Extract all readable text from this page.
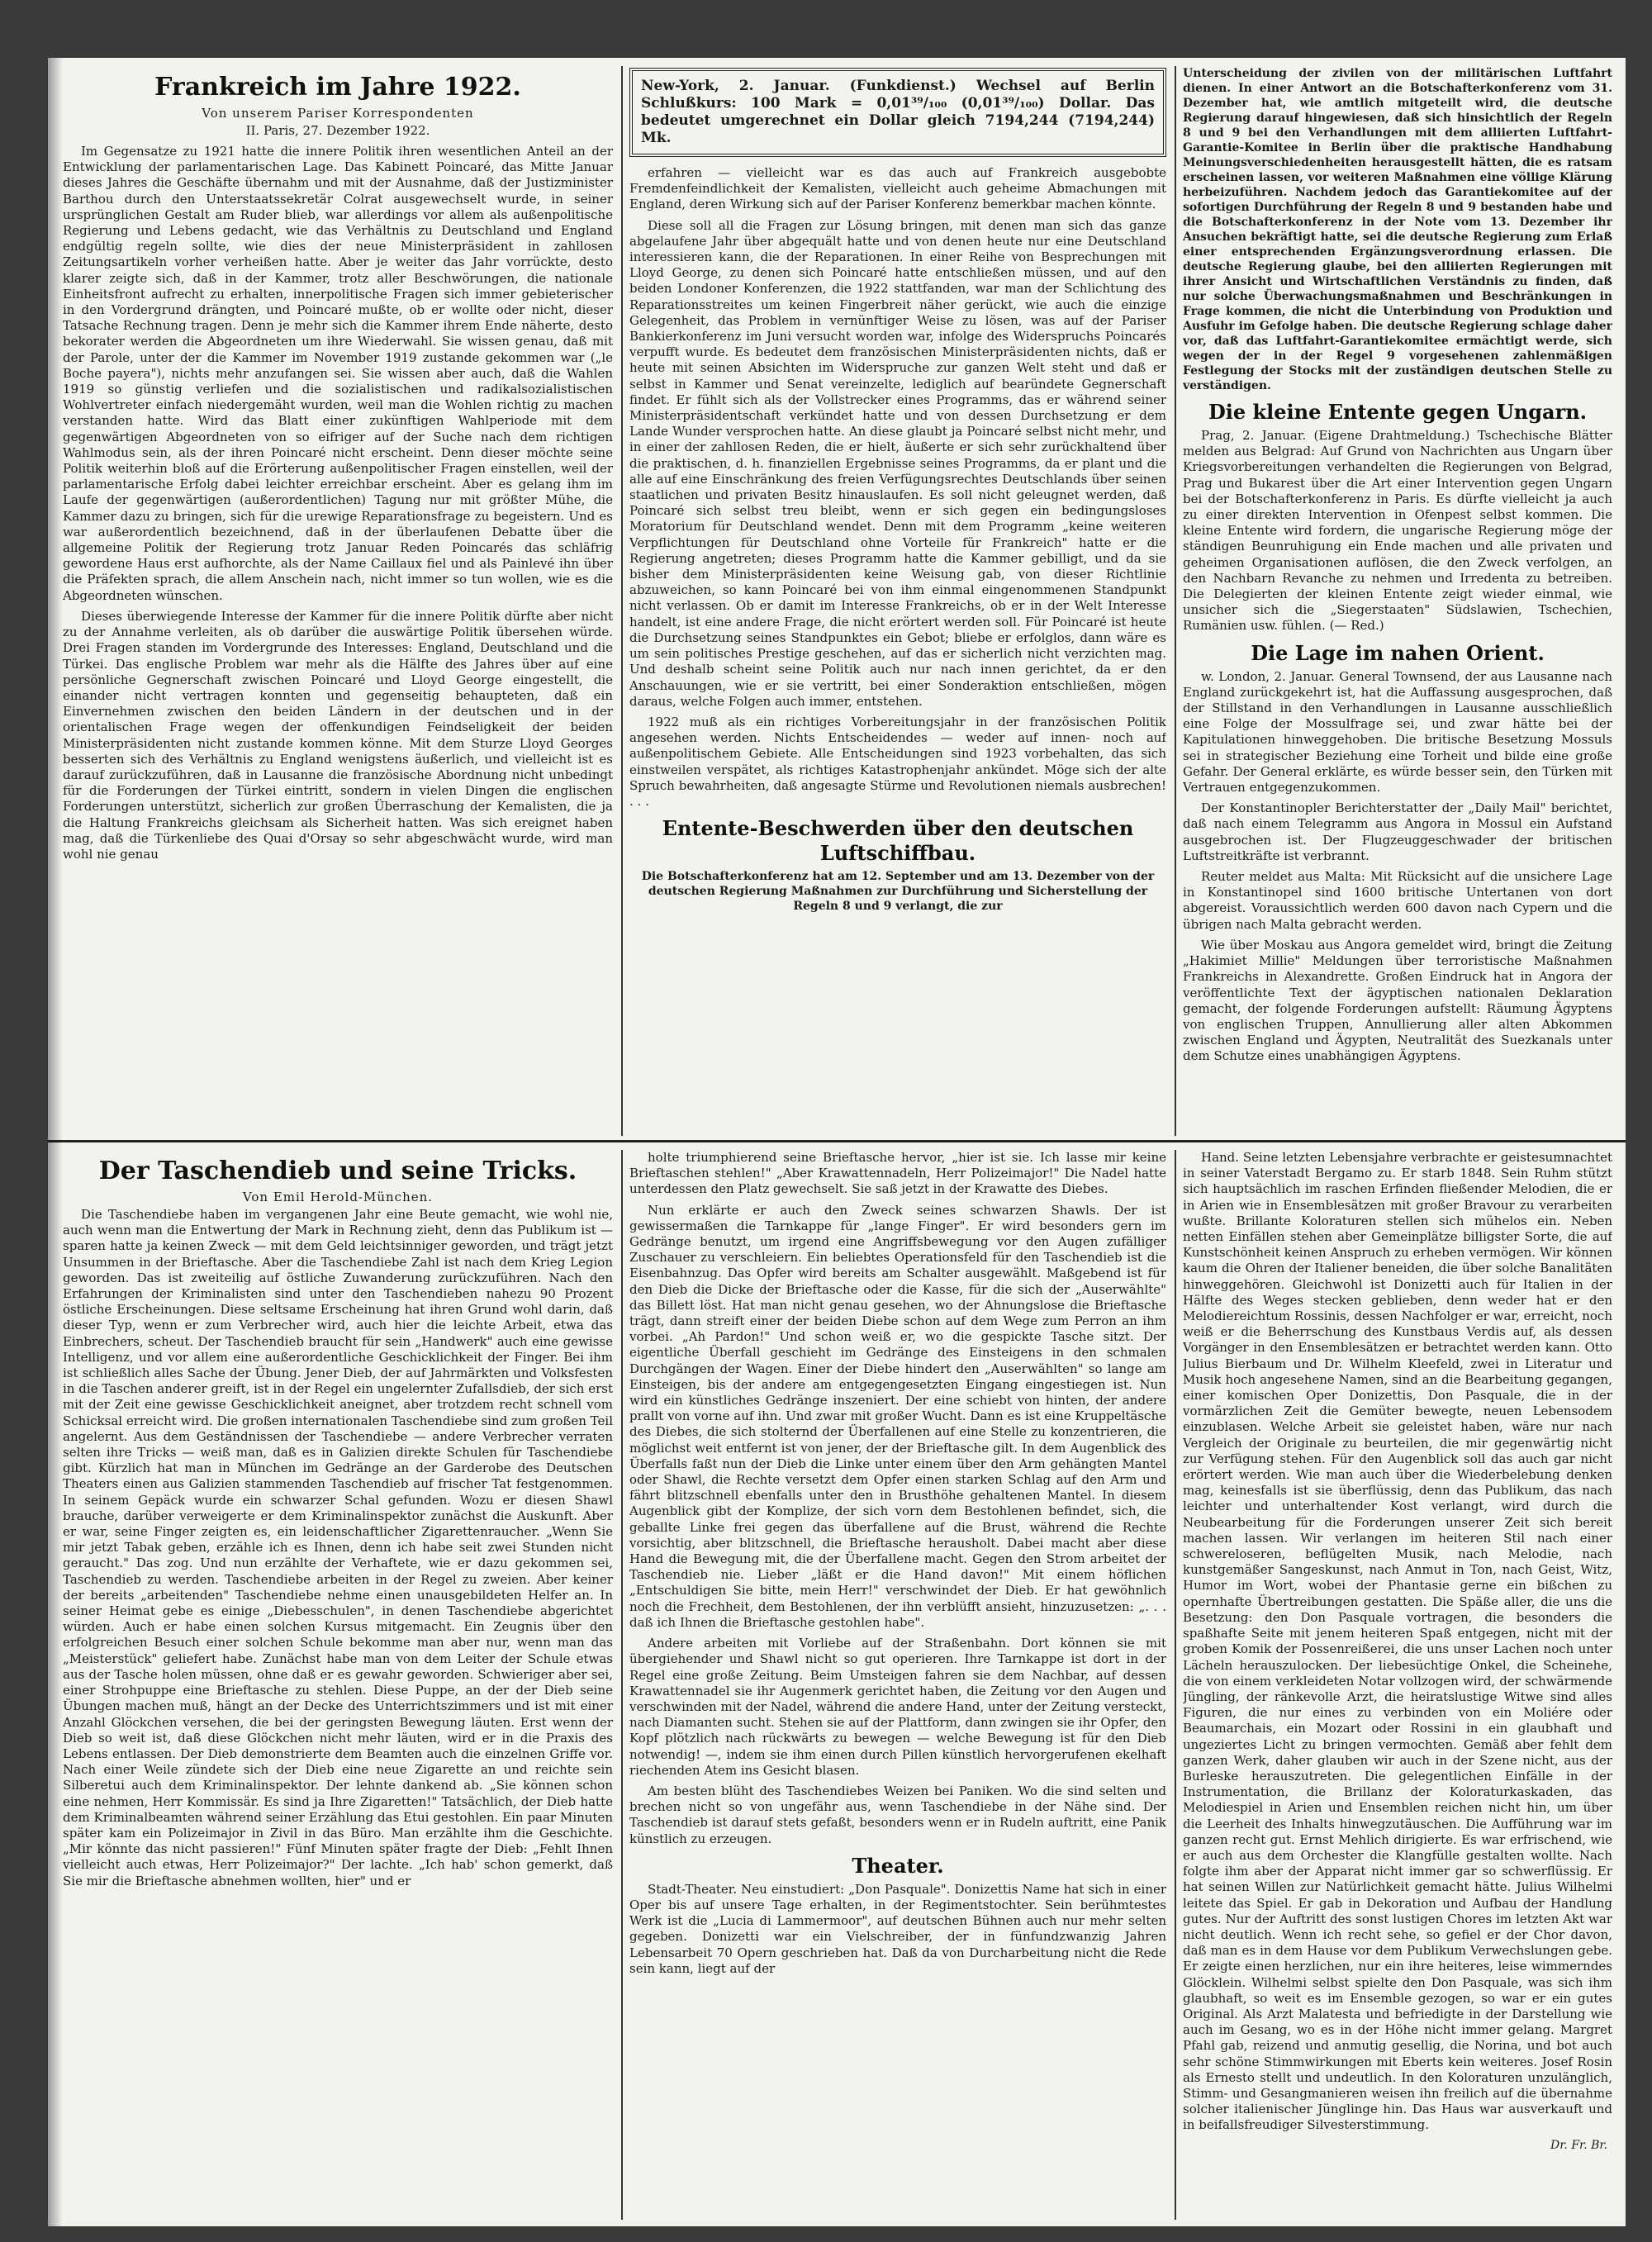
Frankreich im Jahre 1922.
Von unserem Pariser Korrespondenten
II. Paris, 27. Dezember 1922.

Im Gegensatze zu 1921 hatte die innere Politik ihren wesentlichen Anteil an der Entwicklung der parlamentarischen Lage. Das Kabinett Poincaré, das Mitte Januar dieses Jahres die Geschäfte übernahm und mit der Ausnahme, daß der Justizminister Barthou durch den Unterstaatssekretär Colrat ausgewechselt wurde, in seiner ursprünglichen Gestalt am Ruder blieb, war allerdings vor allem als außenpolitische Regierung und Lebens gedacht, wie das Verhältnis zu Deutschland und England endgültig regeln sollte, wie dies der neue Ministerpräsident in zahllosen Zeitungsartikeln vorher verheißen hatte. Aber je weiter das Jahr vorrückte, desto klarer zeigte sich, daß in der Kammer, trotz aller Beschwörungen, die nationale Einheitsfront aufrecht zu erhalten, innerpolitische Fragen sich immer gebieterischer in den Vordergrund drängten, und Poincaré mußte, ob er wollte oder nicht, dieser Tatsache Rechnung tragen. Denn je mehr sich die Kammer ihrem Ende näherte, desto bekorater werden die Abgeordneten um ihre Wiederwahl. Sie wissen genau, daß mit der Parole, unter der die Kammer im November 1919 zustande gekommen war („le Boche payera"), nichts mehr anzufangen sei. Sie wissen aber auch, daß die Wahlen 1919 so günstig verliefen und die sozialistischen und radikalsozialistischen Wohlvertreter einfach niedergemäht wurden, weil man die Wohlen richtig zu machen verstanden hatte. Wird das Blatt einer zukünftigen Wahlperiode mit dem gegenwärtigen Abgeordneten von so eifriger auf der Suche nach dem richtigen Wahlmodus sein, als der ihren Poincaré nicht erscheint. Denn dieser möchte seine Politik weiterhin bloß auf die Erörterung außenpolitischer Fragen einstellen, weil der parlamentarische Erfolg dabei leichter erreichbar erscheint. Aber es gelang ihm im Laufe der gegenwärtigen (außerordentlichen) Tagung nur mit größter Mühe, die Kammer dazu zu bringen, sich für die urewige Reparationsfrage zu begeistern. Und es war außerordentlich bezeichnend, daß in der überlaufenen Debatte über die allgemeine Politik der Regierung trotz Januar Reden Poincarés das schläfrig gewordene Haus erst aufhorchte, als der Name Caillaux fiel und als Painlevé ihn über die Präfekten sprach, die allem Anschein nach, nicht immer so tun wollen, wie es die Abgeordneten wünschen.

Dieses überwiegende Interesse der Kammer für die innere Politik dürfte aber nicht zu der Annahme verleiten, als ob darüber die auswärtige Politik übersehen würde. Drei Fragen standen im Vordergrunde des Interesses: England, Deutschland und die Türkei. Das englische Problem war mehr als die Hälfte des Jahres über auf eine persönliche Gegnerschaft zwischen Poincaré und Lloyd George eingestellt, die einander nicht vertragen konnten und gegenseitig behaupteten, daß ein Einvernehmen zwischen den beiden Ländern in der deutschen und in der orientalischen Frage wegen der offenkundigen Feindseligkeit der beiden Ministerpräsidenten nicht zustande kommen könne. Mit dem Sturze Lloyd Georges besserten sich des Verhältnis zu England wenigstens äußerlich, und vielleicht ist es darauf zurückzuführen, daß in Lausanne die französische Abordnung nicht unbedingt für die Forderungen der Türkei eintritt, sondern in vielen Dingen die englischen Forderungen unterstützt, sicherlich zur großen Überraschung der Kemalisten, die ja die Haltung Frankreichs gleichsam als Sicherheit hatten. Was sich ereignet haben mag, daß die Türkenliebe des Quai d'Orsay so sehr abgeschwächt wurde, wird man wohl nie genau

New-York, 2. Januar. (Funkdienst.) Wechsel auf Berlin Schlußkurs: 100 Mark = 0,01³⁹/₁₀₀ (0,01³⁹/₁₀₀) Dollar. Das bedeutet umgerechnet ein Dollar gleich 7194,244 (7194,244) Mk.

erfahren — vielleicht war es das auch auf Frankreich ausgebobte Fremdenfeindlichkeit der Kemalisten, vielleicht auch geheime Abmachungen mit England, deren Wirkung sich auf der Pariser Konferenz bemerkbar machen könnte.

Diese soll all die Fragen zur Lösung bringen, mit denen man sich das ganze abgelaufene Jahr über abgequält hatte und von denen heute nur eine Deutschland interessieren kann, die der Reparationen. In einer Reihe von Besprechungen mit Lloyd George, zu denen sich Poincaré hatte entschließen müssen, und auf den beiden Londoner Konferenzen, die 1922 stattfanden, war man der Schlichtung des Reparationsstreites um keinen Fingerbreit näher gerückt, wie auch die einzige Gelegenheit, das Problem in vernünftiger Weise zu lösen, was auf der Pariser Bankierkonferenz im Juni versucht worden war, infolge des Widerspruchs Poincarés verpufft wurde. Es bedeutet dem französischen Ministerpräsidenten nichts, daß er heute mit seinen Absichten im Widerspruche zur ganzen Welt steht und daß er selbst in Kammer und Senat vereinzelte, lediglich auf bearündete Gegnerschaft findet. Er fühlt sich als der Vollstrecker eines Programms, das er während seiner Ministerpräsidentschaft verkündet hatte und von dessen Durchsetzung er dem Lande Wunder versprochen hatte. An diese glaubt ja Poincaré selbst nicht mehr, und in einer der zahllosen Reden, die er hielt, äußerte er sich sehr zurückhaltend über die praktischen, d. h. finanziellen Ergebnisse seines Programms, da er plant und die alle auf eine Einschränkung des freien Verfügungsrechtes Deutschlands über seinen staatlichen und privaten Besitz hinauslaufen. Es soll nicht geleugnet werden, daß Poincaré sich selbst treu bleibt, wenn er sich gegen ein bedingungsloses Moratorium für Deutschland wendet. Denn mit dem Programm „keine weiteren Verpflichtungen für Deutschland ohne Vorteile für Frankreich" hatte er die Regierung angetreten; dieses Programm hatte die Kammer gebilligt, und da sie bisher dem Ministerpräsidenten keine Weisung gab, von dieser Richtlinie abzuweichen, so kann Poincaré bei von ihm einmal eingenommenen Standpunkt nicht verlassen. Ob er damit im Interesse Frankreichs, ob er in der Welt Interesse handelt, ist eine andere Frage, die nicht erörtert werden soll. Für Poincaré ist heute die Durchsetzung seines Standpunktes ein Gebot; bliebe er erfolglos, dann wäre es um sein politisches Prestige geschehen, auf das er sicherlich nicht verzichten mag. Und deshalb scheint seine Politik auch nur nach innen gerichtet, da er den Anschauungen, wie er sie vertritt, bei einer Sonderaktion entschließen, mögen daraus, welche Folgen auch immer, entstehen.

1922 muß als ein richtiges Vorbereitungsjahr in der französischen Politik angesehen werden. Nichts Entscheidendes — weder auf innen- noch auf außenpolitischem Gebiete. Alle Entscheidungen sind 1923 vorbehalten, das sich einstweilen verspätet, als richtiges Katastrophenjahr ankündet. Möge sich der alte Spruch bewahrheiten, daß angesagte Stürme und Revolutionen niemals ausbrechen! . . .

Entente-Beschwerden über den deutschen Luftschiffbau.
Die Botschafterkonferenz hat am 12. September und am 13. Dezember von der deutschen Regierung Maßnahmen zur Durchführung und Sicherstellung der Regeln 8 und 9 verlangt, die zur
Unterscheidung der zivilen von der militärischen Luftfahrt dienen. In einer Antwort an die Botschafterkonferenz vom 31. Dezember hat, wie amtlich mitgeteilt wird, die deutsche Regierung darauf hingewiesen, daß sich hinsichtlich der Regeln 8 und 9 bei den Verhandlungen mit dem alliierten Luftfahrt-Garantie-Komitee in Berlin über die praktische Handhabung Meinungsverschiedenheiten herausgestellt hätten, die es ratsam erscheinen lassen, vor weiteren Maßnahmen eine völlige Klärung herbeizuführen. Nachdem jedoch das Garantiekomitee auf der sofortigen Durchführung der Regeln 8 und 9 bestanden habe und die Botschafterkonferenz in der Note vom 13. Dezember ihr Ansuchen bekräftigt hatte, sei die deutsche Regierung zum Erlaß einer entsprechenden Ergänzungsverordnung erlassen. Die deutsche Regierung glaube, bei den alliierten Regierungen mit ihrer Ansicht und Wirtschaftlichen Verständnis zu finden, daß nur solche Überwachungsmaßnahmen und Beschränkungen in Frage kommen, die nicht die Unterbindung von Produktion und Ausfuhr im Gefolge haben. Die deutsche Regierung schlage daher vor, daß das Luftfahrt-Garantiekomitee ermächtigt werde, sich wegen der in der Regel 9 vorgesehenen zahlenmäßigen Festlegung der Stocks mit der zuständigen deutschen Stelle zu verständigen.
Die kleine Entente gegen Ungarn.

Prag, 2. Januar. (Eigene Drahtmeldung.) Tschechische Blätter melden aus Belgrad: Auf Grund von Nachrichten aus Ungarn über Kriegsvorbereitungen verhandelten die Regierungen von Belgrad, Prag und Bukarest über die Art einer Intervention gegen Ungarn bei der Botschafterkonferenz in Paris. Es dürfte vielleicht ja auch zu einer direkten Intervention in Ofenpest selbst kommen. Die kleine Entente wird fordern, die ungarische Regierung möge der ständigen Beunruhigung ein Ende machen und alle privaten und geheimen Organisationen auflösen, die den Zweck verfolgen, an den Nachbarn Revanche zu nehmen und Irredenta zu betreiben. Die Delegierten der kleinen Entente zeigt wieder einmal, wie unsicher sich die „Siegerstaaten" Südslawien, Tschechien, Rumänien usw. fühlen. (— Red.)

Die Lage im nahen Orient.

w. London, 2. Januar. General Townsend, der aus Lausanne nach England zurückgekehrt ist, hat die Auffassung ausgesprochen, daß der Stillstand in den Verhandlungen in Lausanne ausschließlich eine Folge der Mossulfrage sei, und zwar hätte bei der Kapitulationen hinweggehoben. Die britische Besetzung Mossuls sei in strategischer Beziehung eine Torheit und bilde eine große Gefahr. Der General erklärte, es würde besser sein, den Türken mit Vertrauen entgegenzukommen.

Der Konstantinopler Berichterstatter der „Daily Mail" berichtet, daß nach einem Telegramm aus Angora in Mossul ein Aufstand ausgebrochen ist. Der Flugzeuggeschwader der britischen Luftstreitkräfte ist verbrannt.

Reuter meldet aus Malta: Mit Rücksicht auf die unsichere Lage in Konstantinopel sind 1600 britische Untertanen von dort abgereist. Voraussichtlich werden 600 davon nach Cypern und die übrigen nach Malta gebracht werden.

Wie über Moskau aus Angora gemeldet wird, bringt die Zeitung „Hakimiet Millie" Meldungen über terroristische Maßnahmen Frankreichs in Alexandrette. Großen Eindruck hat in Angora der veröffentlichte Text der ägyptischen nationalen Deklaration gemacht, der folgende Forderungen aufstellt: Räumung Ägyptens von englischen Truppen, Annullierung aller alten Abkommen zwischen England und Ägypten, Neutralität des Suezkanals unter dem Schutze eines unabhängigen Ägyptens.

Der Taschendieb und seine Tricks.
Von Emil Herold-München.

Die Taschendiebe haben im vergangenen Jahr eine Beute gemacht, wie wohl nie, auch wenn man die Entwertung der Mark in Rechnung zieht, denn das Publikum ist — sparen hatte ja keinen Zweck — mit dem Geld leichtsinniger geworden, und trägt jetzt Unsummen in der Brieftasche. Aber die Taschendiebe Zahl ist nach dem Krieg Legion geworden. Das ist zweiteilig auf östliche Zuwanderung zurückzuführen. Nach den Erfahrungen der Kriminalisten sind unter den Taschendieben nahezu 90 Prozent östliche Erscheinungen. Diese seltsame Erscheinung hat ihren Grund wohl darin, daß dieser Typ, wenn er zum Verbrecher wird, auch hier die leichte Arbeit, etwa das Einbrechers, scheut. Der Taschendieb braucht für sein „Handwerk" auch eine gewisse Intelligenz, und vor allem eine außerordentliche Geschicklichkeit der Finger. Bei ihm ist schließlich alles Sache der Übung. Jener Dieb, der auf Jahrmärkten und Volksfesten in die Taschen anderer greift, ist in der Regel ein ungelernter Zufallsdieb, der sich erst mit der Zeit eine gewisse Geschicklichkeit aneignet, aber trotzdem recht schnell vom Schicksal erreicht wird. Die großen internationalen Taschendiebe sind zum großen Teil angelernt. Aus dem Geständnissen der Taschendiebe — andere Verbrecher verraten selten ihre Tricks — weiß man, daß es in Galizien direkte Schulen für Taschendiebe gibt. Kürzlich hat man in München im Gedränge an der Garderobe des Deutschen Theaters einen aus Galizien stammenden Taschendieb auf frischer Tat festgenommen. In seinem Gepäck wurde ein schwarzer Schal gefunden. Wozu er diesen Shawl brauche, darüber verweigerte er dem Kriminalinspektor zunächst die Auskunft. Aber er war, seine Finger zeigten es, ein leidenschaftlicher Zigarettenraucher. „Wenn Sie mir jetzt Tabak geben, erzähle ich es Ihnen, denn ich habe seit zwei Stunden nicht geraucht." Das zog. Und nun erzählte der Verhaftete, wie er dazu gekommen sei, Taschendieb zu werden. Taschendiebe arbeiten in der Regel zu zweien. Aber keiner der bereits „arbeitenden" Taschendiebe nehme einen unausgebildeten Helfer an. In seiner Heimat gebe es einige „Diebesschulen", in denen Taschendiebe abgerichtet würden. Auch er habe einen solchen Kursus mitgemacht. Ein Zeugnis über den erfolgreichen Besuch einer solchen Schule bekomme man aber nur, wenn man das „Meisterstück" geliefert habe. Zunächst habe man von dem Leiter der Schule etwas aus der Tasche holen müssen, ohne daß er es gewahr geworden. Schwieriger aber sei, einer Strohpuppe eine Brieftasche zu stehlen. Diese Puppe, an der der Dieb seine Übungen machen muß, hängt an der Decke des Unterrichtszimmers und ist mit einer Anzahl Glöckchen versehen, die bei der geringsten Bewegung läuten. Erst wenn der Dieb so weit ist, daß diese Glöckchen nicht mehr läuten, wird er in die Praxis des Lebens entlassen. Der Dieb demonstrierte dem Beamten auch die einzelnen Griffe vor. Nach einer Weile zündete sich der Dieb eine neue Zigarette an und reichte sein Silberetui auch dem Kriminalinspektor. Der lehnte dankend ab. „Sie können schon eine nehmen, Herr Kommissär. Es sind ja Ihre Zigaretten!" Tatsächlich, der Dieb hatte dem Kriminalbeamten während seiner Erzählung das Etui gestohlen. Ein paar Minuten später kam ein Polizeimajor in Zivil in das Büro. Man erzählte ihm die Geschichte. „Mir könnte das nicht passieren!" Fünf Minuten später fragte der Dieb: „Fehlt Ihnen vielleicht auch etwas, Herr Polizeimajor?" Der lachte. „Ich hab' schon gemerkt, daß Sie mir die Brieftasche abnehmen wollten, hier" und er

holte triumphierend seine Brieftasche hervor, „hier ist sie. Ich lasse mir keine Brieftaschen stehlen!" „Aber Krawattennadeln, Herr Polizeimajor!" Die Nadel hatte unterdessen den Platz gewechselt. Sie saß jetzt in der Krawatte des Diebes.

Nun erklärte er auch den Zweck seines schwarzen Shawls. Der ist gewissermaßen die Tarnkappe für „lange Finger". Er wird besonders gern im Gedränge benutzt, um irgend eine Angriffsbewegung vor den Augen zufälliger Zuschauer zu verschleiern. Ein beliebtes Operationsfeld für den Taschendieb ist die Eisenbahnzug. Das Opfer wird bereits am Schalter ausgewählt. Maßgebend ist für den Dieb die Dicke der Brieftasche oder die Kasse, für die sich der „Auserwählte" das Billett löst. Hat man nicht genau gesehen, wo der Ahnungslose die Brieftasche trägt, dann streift einer der beiden Diebe schon auf dem Wege zum Perron an ihm vorbei. „Ah Pardon!" Und schon weiß er, wo die gespickte Tasche sitzt. Der eigentliche Überfall geschieht im Gedränge des Einsteigens in den schmalen Durchgängen der Wagen. Einer der Diebe hindert den „Auserwählten" so lange am Einsteigen, bis der andere am entgegengesetzten Eingang eingestiegen ist. Nun wird ein künstliches Gedränge inszeniert. Der eine schiebt von hinten, der andere prallt von vorne auf ihn. Und zwar mit großer Wucht. Dann es ist eine Kruppeltäsche des Diebes, die sich stolternd der Überfallenen auf eine Stelle zu konzentrieren, die möglichst weit entfernt ist von jener, der der Brieftasche gilt. In dem Augenblick des Überfalls faßt nun der Dieb die Linke unter einem über den Arm gehängten Mantel oder Shawl, die Rechte versetzt dem Opfer einen starken Schlag auf den Arm und fährt blitzschnell ebenfalls unter den in Brusthöhe gehaltenen Mantel. In diesem Augenblick gibt der Komplize, der sich vorn dem Bestohlenen befindet, sich, die geballte Linke frei gegen das überfallene auf die Brust, während die Rechte vorsichtig, aber blitzschnell, die Brieftasche herausholt. Dabei macht aber diese Hand die Bewegung mit, die der Überfallene macht. Gegen den Strom arbeitet der Taschendieb nie. Lieber „läßt er die Hand davon!" Mit einem höflichen „Entschuldigen Sie bitte, mein Herr!" verschwindet der Dieb. Er hat gewöhnlich noch die Frechheit, dem Bestohlenen, der ihn verblüfft ansieht, hinzuzusetzen: „. . . daß ich Ihnen die Brieftasche gestohlen habe".

Andere arbeiten mit Vorliebe auf der Straßenbahn. Dort können sie mit übergiehender und Shawl nicht so gut operieren. Ihre Tarnkappe ist dort in der Regel eine große Zeitung. Beim Umsteigen fahren sie dem Nachbar, auf dessen Krawattennadel sie ihr Augenmerk gerichtet haben, die Zeitung vor den Augen und verschwinden mit der Nadel, während die andere Hand, unter der Zeitung versteckt, nach Diamanten sucht. Stehen sie auf der Plattform, dann zwingen sie ihr Opfer, den Kopf plötzlich nach rückwärts zu bewegen — welche Bewegung ist für den Dieb notwendig! —, indem sie ihm einen durch Pillen künstlich hervorgerufenen ekelhaft riechenden Atem ins Gesicht blasen.

Am besten blüht des Taschendiebes Weizen bei Paniken. Wo die sind selten und brechen nicht so von ungefähr aus, wenn Taschendiebe in der Nähe sind. Der Taschendieb ist darauf stets gefaßt, besonders wenn er in Rudeln auftritt, eine Panik künstlich zu erzeugen.

Theater.

Stadt-Theater. Neu einstudiert: „Don Pasquale". Donizettis Name hat sich in einer Oper bis auf unsere Tage erhalten, in der Regimentstochter. Sein berühmtestes Werk ist die „Lucia di Lammermoor", auf deutschen Bühnen auch nur mehr selten gegeben. Donizetti war ein Vielschreiber, der in fünfundzwanzig Jahren Lebensarbeit 70 Opern geschrieben hat. Daß da von Durcharbeitung nicht die Rede sein kann, liegt auf der

Hand. Seine letzten Lebensjahre verbrachte er geistesumnachtet in seiner Vaterstadt Bergamo zu. Er starb 1848. Sein Ruhm stützt sich hauptsächlich im raschen Erfinden fließender Melodien, die er in Arien wie in Ensemblesätzen mit großer Bravour zu verarbeiten wußte. Brillante Koloraturen stellen sich mühelos ein. Neben netten Einfällen stehen aber Gemeinplätze billigster Sorte, die auf Kunstschönheit keinen Anspruch zu erheben vermögen. Wir können kaum die Ohren der Italiener beneiden, die über solche Banalitäten hinweggehören. Gleichwohl ist Donizetti auch für Italien in der Hälfte des Weges stecken geblieben, denn weder hat er den Melodiereichtum Rossinis, dessen Nachfolger er war, erreicht, noch weiß er die Beherrschung des Kunstbaus Verdis auf, als dessen Vorgänger in den Ensemblesätzen er betrachtet werden kann. Otto Julius Bierbaum und Dr. Wilhelm Kleefeld, zwei in Literatur und Musik hoch angesehene Namen, sind an die Bearbeitung gegangen, einer komischen Oper Donizettis, Don Pasquale, die in der vormärzlichen Zeit die Gemüter bewegte, neuen Lebensodem einzublasen. Welche Arbeit sie geleistet haben, wäre nur nach Vergleich der Originale zu beurteilen, die mir gegenwärtig nicht zur Verfügung stehen. Für den Augenblick soll das auch gar nicht erörtert werden. Wie man auch über die Wiederbelebung denken mag, keinesfalls ist sie überflüssig, denn das Publikum, das nach leichter und unterhaltender Kost verlangt, wird durch die Neubearbeitung für die Forderungen unserer Zeit sich bereit machen lassen. Wir verlangen im heiteren Stil nach einer schwereloseren, beflügelten Musik, nach Melodie, nach kunstgemäßer Sangeskunst, nach Anmut in Ton, nach Geist, Witz, Humor im Wort, wobei der Phantasie gerne ein bißchen zu opernhafte Übertreibungen gestatten. Die Späße aller, die uns die Besetzung: den Don Pasquale vortragen, die besonders die spaßhafte Seite mit jenem heiteren Spaß entgegen, nicht mit der groben Komik der Possenreißerei, die uns unser Lachen noch unter Lächeln herauszulocken. Der liebesüchtige Onkel, die Scheinehe, die von einem verkleideten Notar vollzogen wird, der schwärmende Jüngling, der ränkevolle Arzt, die heiratslustige Witwe sind alles Figuren, die nur eines zu verbinden von ein Moliére oder Beaumarchais, ein Mozart oder Rossini in ein glaubhaft und ungeziertes Licht zu bringen vermochten. Gemäß aber fehlt dem ganzen Werk, daher glauben wir auch in der Szene nicht, aus der Burleske herauszutreten. Die gelegentlichen Einfälle in der Instrumentation, die Brillanz der Koloraturkaskaden, das Melodiespiel in Arien und Ensemblen reichen nicht hin, um über die Leerheit des Inhalts hinwegzutäuschen. Die Aufführung war im ganzen recht gut. Ernst Mehlich dirigierte. Es war erfrischend, wie er auch aus dem Orchester die Klangfülle gestalten wollte. Nach folgte ihm aber der Apparat nicht immer gar so schwerflüssig. Er hat seinen Willen zur Natürlichkeit gemacht hätte. Julius Wilhelmi leitete das Spiel. Er gab in Dekoration und Aufbau der Handlung gutes. Nur der Auftritt des sonst lustigen Chores im letzten Akt war nicht deutlich. Wenn ich recht sehe, so gefiel er der Chor davon, daß man es in dem Hause vor dem Publikum Verwechslungen gebe. Er zeigte einen herzlichen, nur ein ihre heiteres, leise wimmerndes Glöcklein. Wilhelmi selbst spielte den Don Pasquale, was sich ihm glaubhaft, so weit es im Ensemble gezogen, so war er ein gutes Original. Als Arzt Malatesta und befriedigte in der Darstellung wie auch im Gesang, wo es in der Höhe nicht immer gelang. Margret Pfahl gab, reizend und anmutig gesellig, die Norina, und bot auch sehr schöne Stimmwirkungen mit Eberts kein weiteres. Josef Rosin als Ernesto stellt und undeutlich. In den Koloraturen unzulänglich, Stimm- und Gesangmanieren weisen ihn freilich auf die übernahme solcher italienischer Jünglinge hin. Das Haus war ausverkauft und in beifallsfreudiger Silvesterstimmung.

Dr. Fr. Br.
